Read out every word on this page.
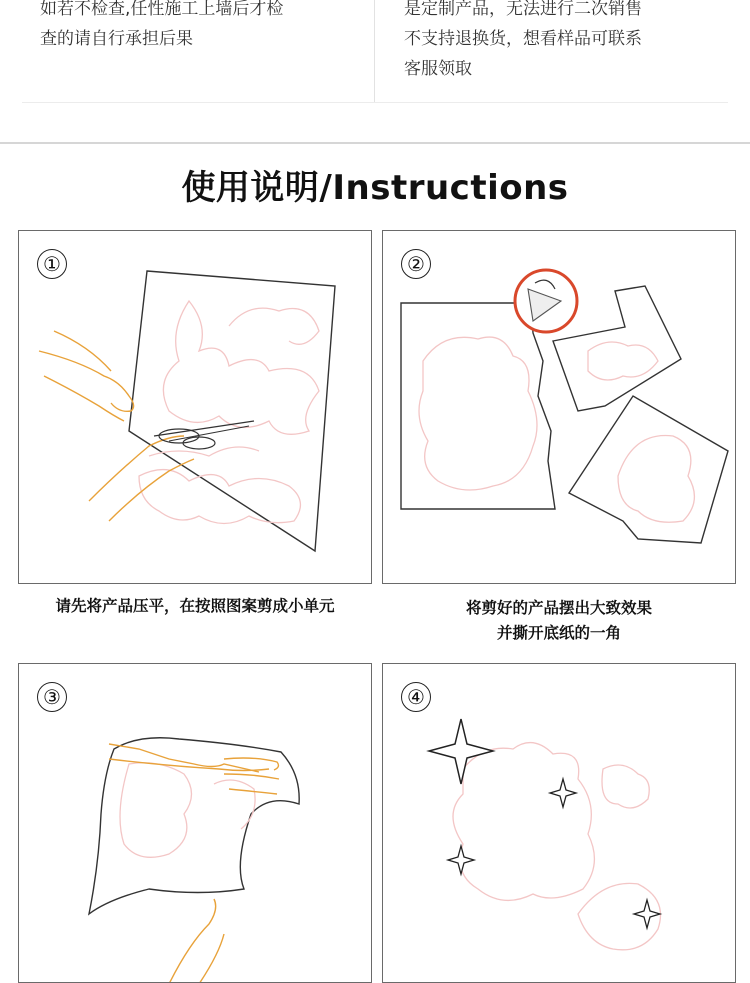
如若不检查,任性施工上墙后才检
查的请自行承担后果
是定制产品，无法进行二次销售
不支持退换货，想看样品可联系
客服领取
使用说明/Instructions
①	②
请先将产品压平，在按照图案剪成小单元	将剪好的产品摆出大致效果
并撕开底纸的一角
③	④
